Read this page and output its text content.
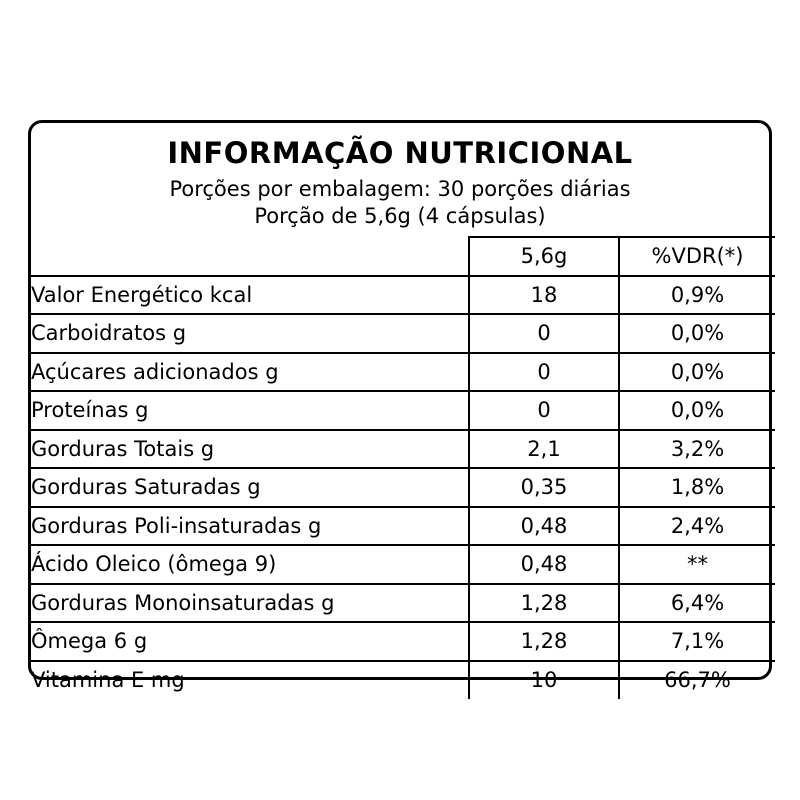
INFORMAÇÃO NUTRICIONAL
Porções por embalagem: 30 porções diárias
Porção de 5,6g (4 cápsulas)
	5,6g	%VDR(*)
Valor Energético kcal	18	0,9%
Carboidratos g	0	0,0%
Açúcares adicionados g	0	0,0%
Proteínas g	0	0,0%
Gorduras Totais g	2,1	3,2%
Gorduras Saturadas g	0,35	1,8%
Gorduras Poli-insaturadas g	0,48	2,4%
Ácido Oleico (ômega 9)	0,48	**
Gorduras Monoinsaturadas g	1,28	6,4%
Ômega 6 g	1,28	7,1%
Vitamina E mg	10	66,7%
